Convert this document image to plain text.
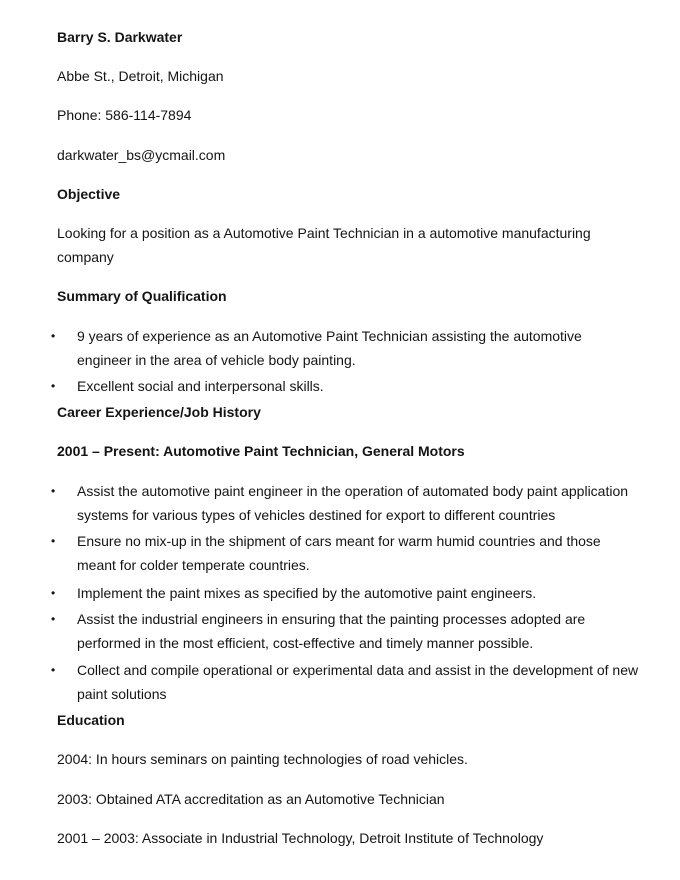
Barry S. Darkwater
Abbe St., Detroit, Michigan
Phone: 586-114-7894
darkwater_bs@ycmail.com
Objective
Looking for a position as a Automotive Paint Technician in a automotive manufacturing company
Summary of Qualification
• 9 years of experience as an Automotive Paint Technician assisting the automotive engineer in the area of vehicle body painting.
• Excellent social and interpersonal skills.
Career Experience/Job History
2001 – Present: Automotive Paint Technician, General Motors
• Assist the automotive paint engineer in the operation of automated body paint application systems for various types of vehicles destined for export to different countries
• Ensure no mix-up in the shipment of cars meant for warm humid countries and those meant for colder temperate countries.
• Implement the paint mixes as specified by the automotive paint engineers.
• Assist the industrial engineers in ensuring that the painting processes adopted are performed in the most efficient, cost-effective and timely manner possible.
• Collect and compile operational or experimental data and assist in the development of new paint solutions
Education
2004: In hours seminars on painting technologies of road vehicles.
2003: Obtained ATA accreditation as an Automotive Technician
2001 – 2003: Associate in Industrial Technology, Detroit Institute of Technology
